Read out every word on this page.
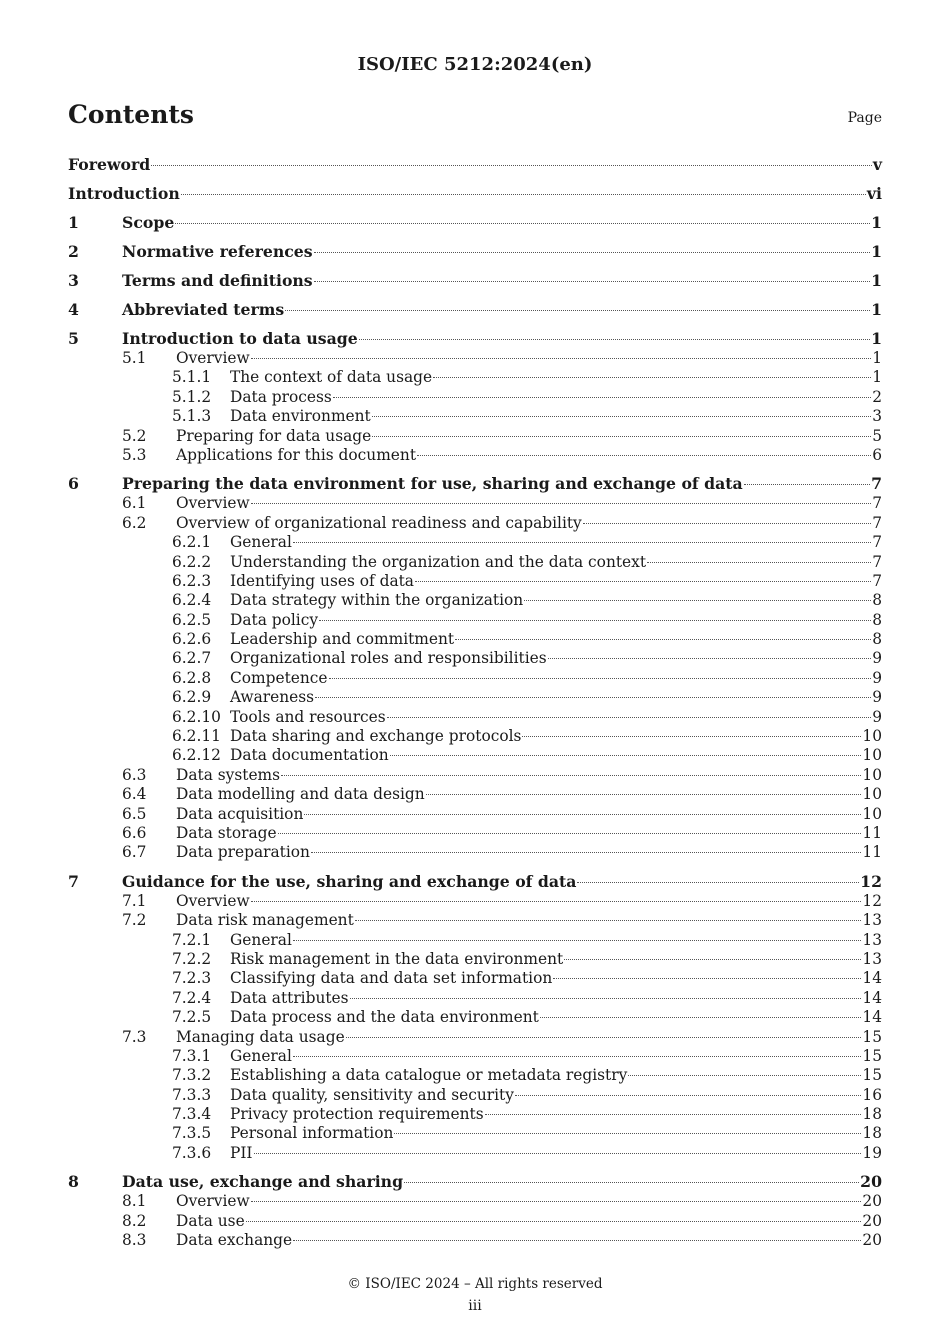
ISO/IEC 5212:2024(en)
Contents	Page
Foreword	v
Introduction	vi
1	Scope	1
2	Normative references	1
3	Terms and definitions	1
4	Abbreviated terms	1
5	Introduction to data usage	1
5.1 Overview	1
5.1.1 The context of data usage	1
5.1.2 Data process	2
5.1.3 Data environment	3
5.2 Preparing for data usage	5
5.3 Applications for this document	6
6	Preparing the data environment for use, sharing and exchange of data	7
6.1 Overview	7
6.2 Overview of organizational readiness and capability	7
6.2.1 General	7
6.2.2 Understanding the organization and the data context	7
6.2.3 Identifying uses of data	7
6.2.4 Data strategy within the organization	8
6.2.5 Data policy	8
6.2.6 Leadership and commitment	8
6.2.7 Organizational roles and responsibilities	9
6.2.8 Competence	9
6.2.9 Awareness	9
6.2.10 Tools and resources	9
6.2.11 Data sharing and exchange protocols	10
6.2.12 Data documentation	10
6.3 Data systems	10
6.4 Data modelling and data design	10
6.5 Data acquisition	10
6.6 Data storage	11
6.7 Data preparation	11
7	Guidance for the use, sharing and exchange of data	12
7.1 Overview	12
7.2 Data risk management	13
7.2.1 General	13
7.2.2 Risk management in the data environment	13
7.2.3 Classifying data and data set information	14
7.2.4 Data attributes	14
7.2.5 Data process and the data environment	14
7.3 Managing data usage	15
7.3.1 General	15
7.3.2 Establishing a data catalogue or metadata registry	15
7.3.3 Data quality, sensitivity and security	16
7.3.4 Privacy protection requirements	18
7.3.5 Personal information	18
7.3.6 PII	19
8	Data use, exchange and sharing	20
8.1 Overview	20
8.2 Data use	20
8.3 Data exchange	20
© ISO/IEC 2024 – All rights reserved
iii
